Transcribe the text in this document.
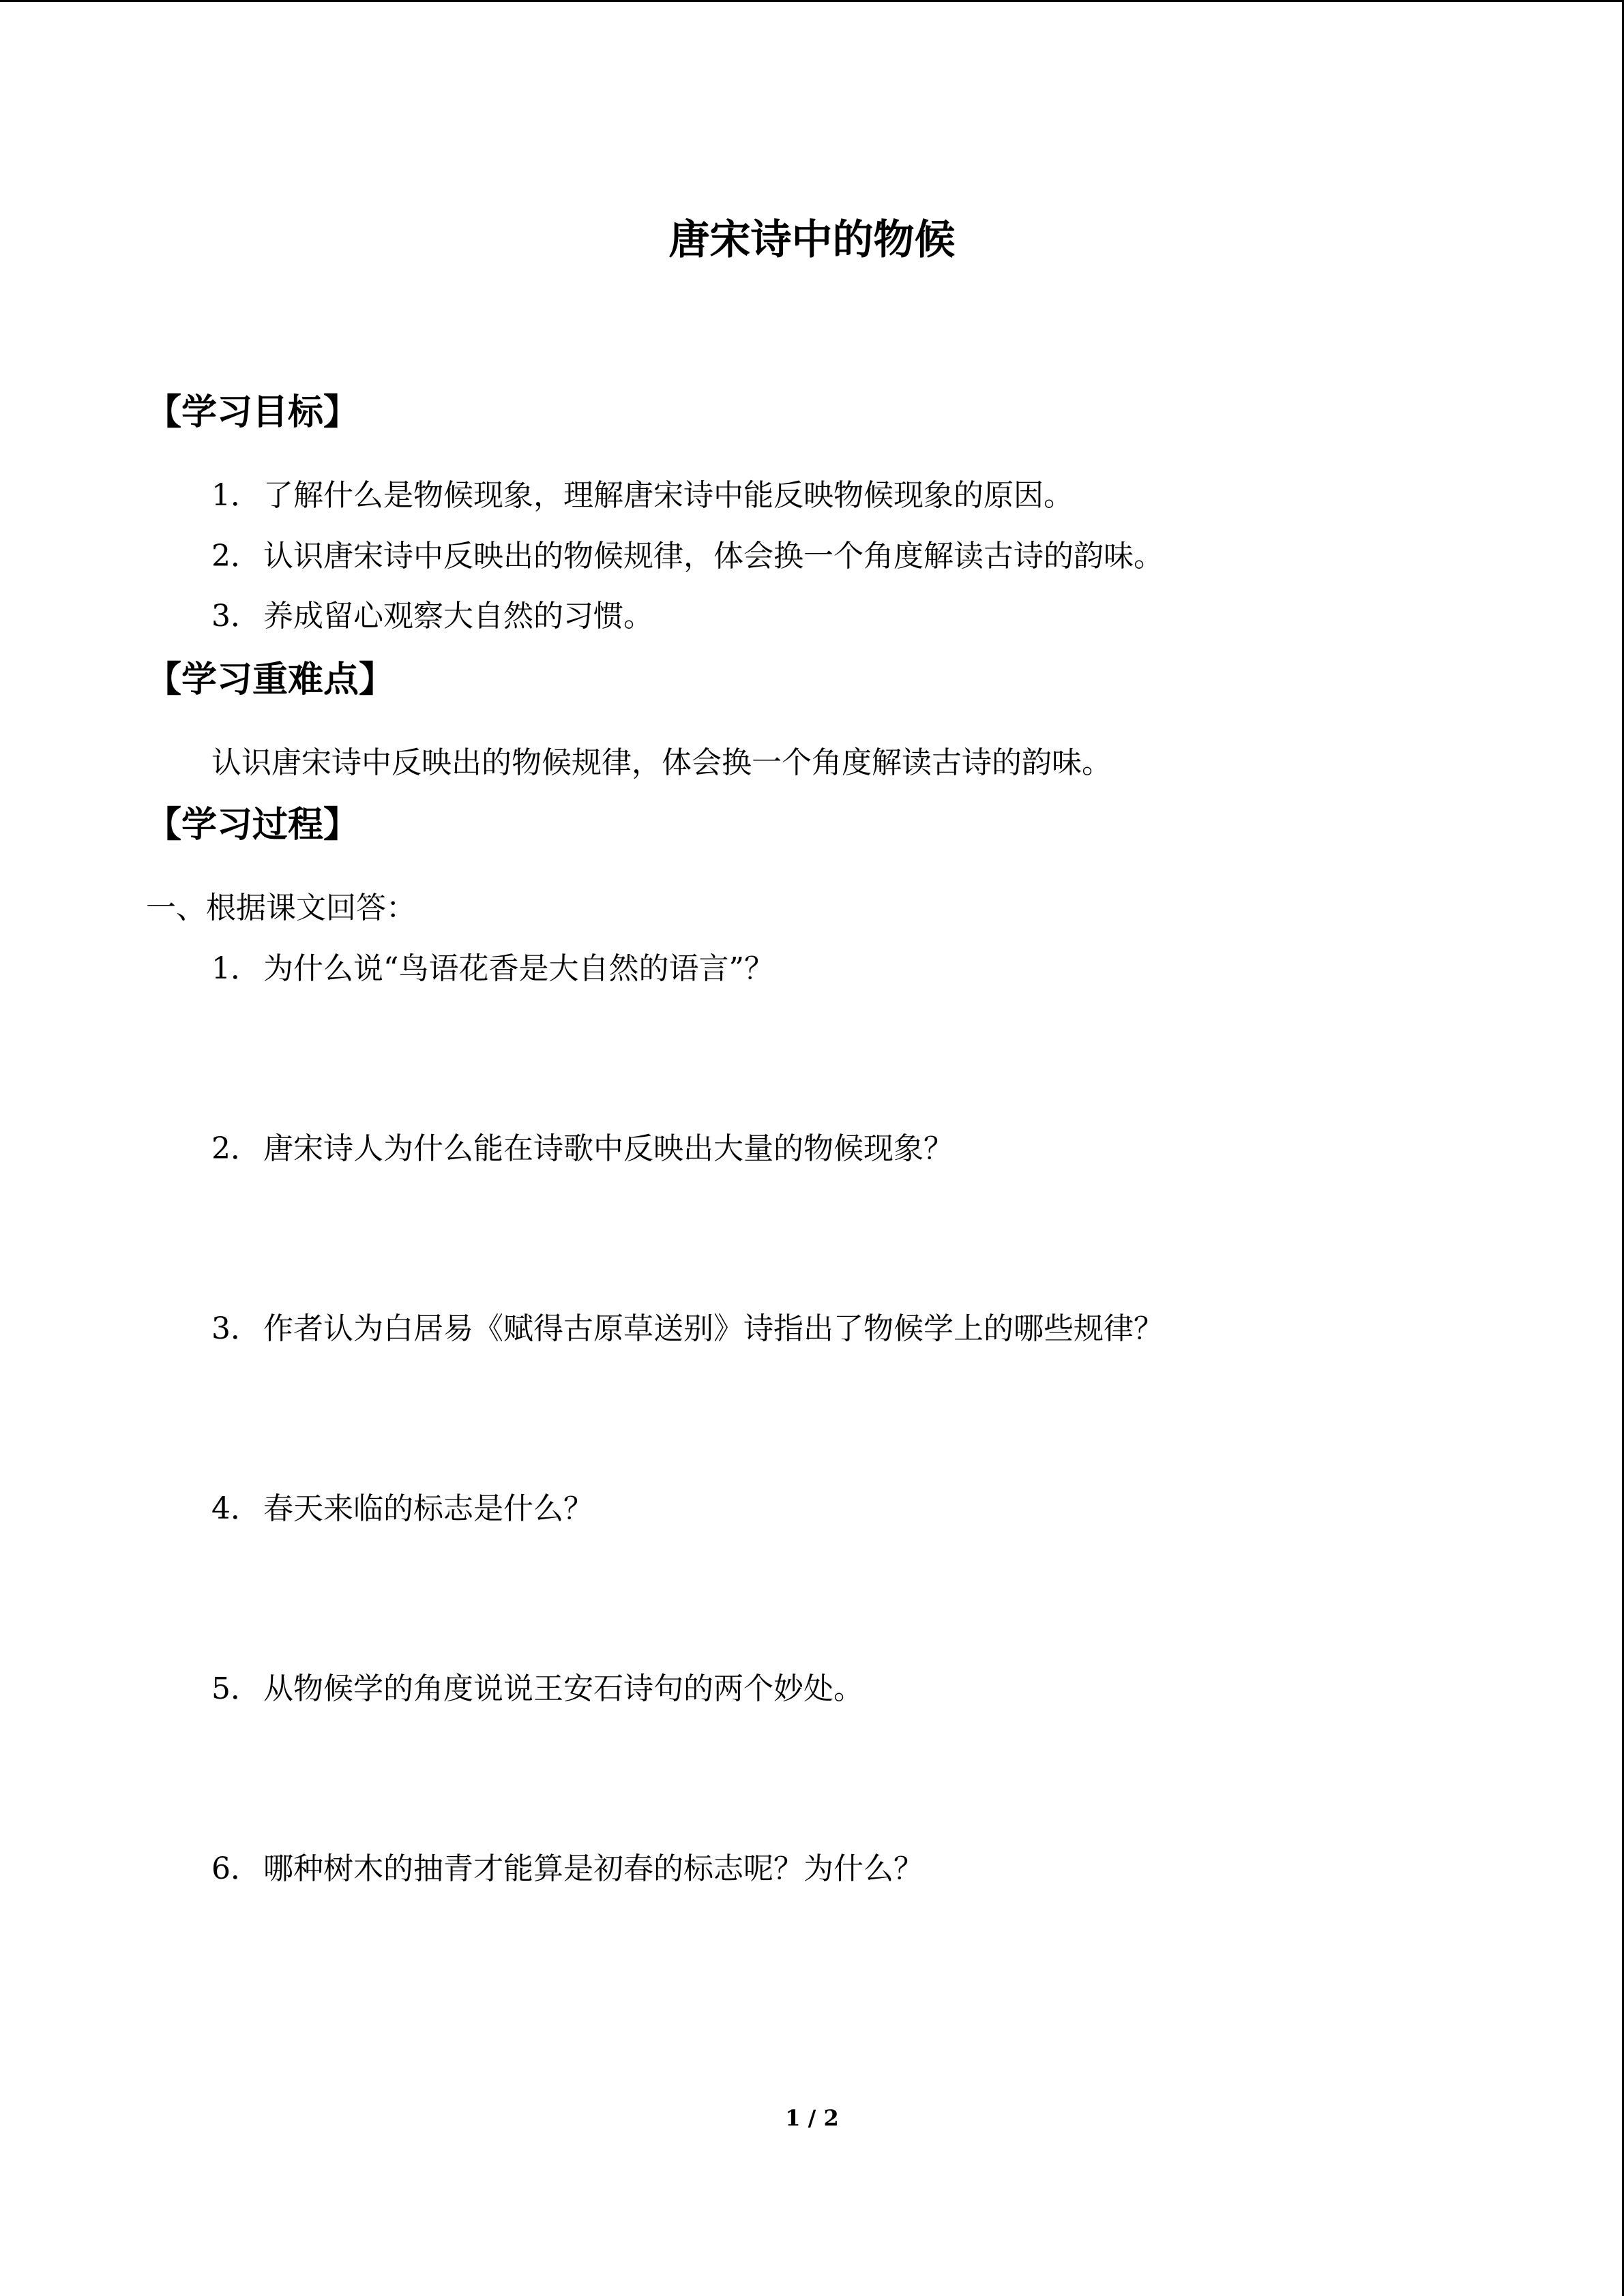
唐宋诗中的物候
【学习目标】
1．了解什么是物候现象，理解唐宋诗中能反映物候现象的原因。
2．认识唐宋诗中反映出的物候规律，体会换一个角度解读古诗的韵味。
3．养成留心观察大自然的习惯。
【学习重难点】
认识唐宋诗中反映出的物候规律，体会换一个角度解读古诗的韵味。
【学习过程】
一、根据课文回答：
1．为什么说“鸟语花香是大自然的语言”？
2．唐宋诗人为什么能在诗歌中反映出大量的物候现象？
3．作者认为白居易《赋得古原草送别》诗指出了物候学上的哪些规律？
4．春天来临的标志是什么？
5．从物候学的角度说说王安石诗句的两个妙处。
6．哪种树木的抽青才能算是初春的标志呢？为什么？
1 / 2
